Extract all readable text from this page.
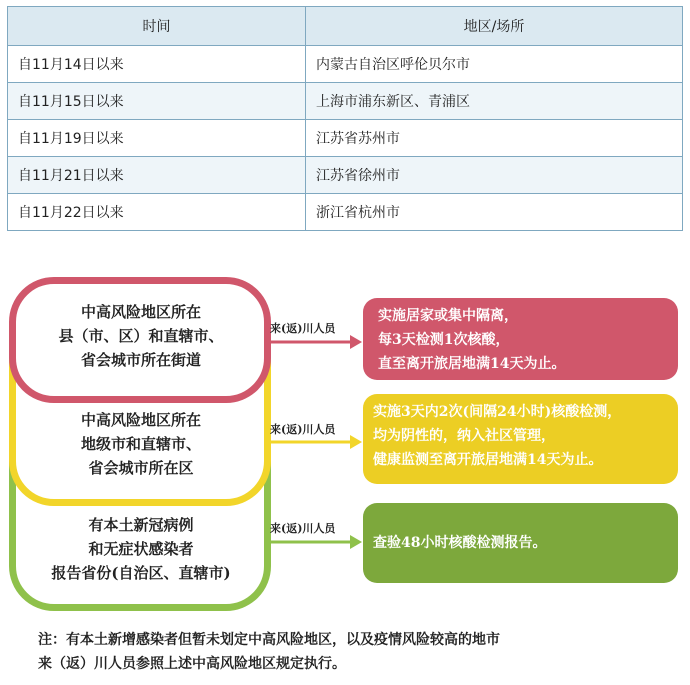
时间	地区/场所
自11月14日以来	内蒙古自治区呼伦贝尔市
自11月15日以来	上海市浦东新区、青浦区
自11月19日以来	江苏省苏州市
自11月21日以来	江苏省徐州市
自11月22日以来	浙江省杭州市
中高风险地区所在
县（市、区）和直辖市、
省会城市所在街道
中高风险地区所在
地级市和直辖市、
省会城市所在区
有本土新冠病例
和无症状感染者
报告省份(自治区、直辖市)
来(返)川人员
来(返)川人员
来(返)川人员
实施居家或集中隔离，
每3天检测1次核酸，
直至离开旅居地满14天为止。
实施3天内2次(间隔24小时)核酸检测，
均为阴性的，纳入社区管理，
健康监测至离开旅居地满14天为止。
查验48小时核酸检测报告。
注：有本土新增感染者但暂未划定中高风险地区，以及疫情风险较高的地市
来（返）川人员参照上述中高风险地区规定执行。
